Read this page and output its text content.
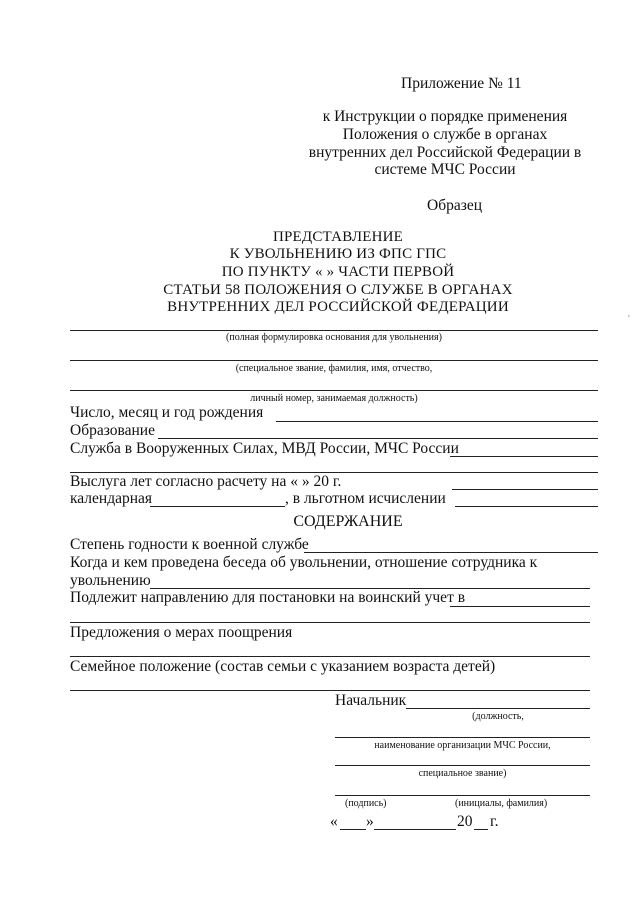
Приложение № 11
к Инструкции о порядке применения
Положения о службе в органах
внутренних дел Российской Федерации в
системе МЧС России
Образец
ПРЕДСТАВЛЕНИЕ
К УВОЛЬНЕНИЮ ИЗ ФПС ГПС
ПО ПУНКТУ « » ЧАСТИ ПЕРВОЙ
СТАТЬИ 58 ПОЛОЖЕНИЯ О СЛУЖБЕ В ОРГАНАХ
ВНУТРЕННИХ ДЕЛ РОССИЙСКОЙ ФЕДЕРАЦИИ
(полная формулировка основания для увольнения)
(специальное звание, фамилия, имя, отчество,
личный номер, занимаемая должность)
Число, месяц и год рождения
Образование
Служба в Вооруженных Силах, МВД России, МЧС России
Выслуга лет согласно расчету на « » 20 г.
календарная	, в льготном исчислении
СОДЕРЖАНИЕ
Степень годности к военной службе
Когда и кем проведена беседа об увольнении, отношение сотрудника к
увольнению
Подлежит направлению для постановки на воинский учет в
Предложения о мерах поощрения
Семейное положение (состав семьи с указанием возраста детей)
Начальник
(должность,
наименование организации МЧС России,
специальное звание)
(подпись)	(инициалы, фамилия)
« »	20 г.
'
